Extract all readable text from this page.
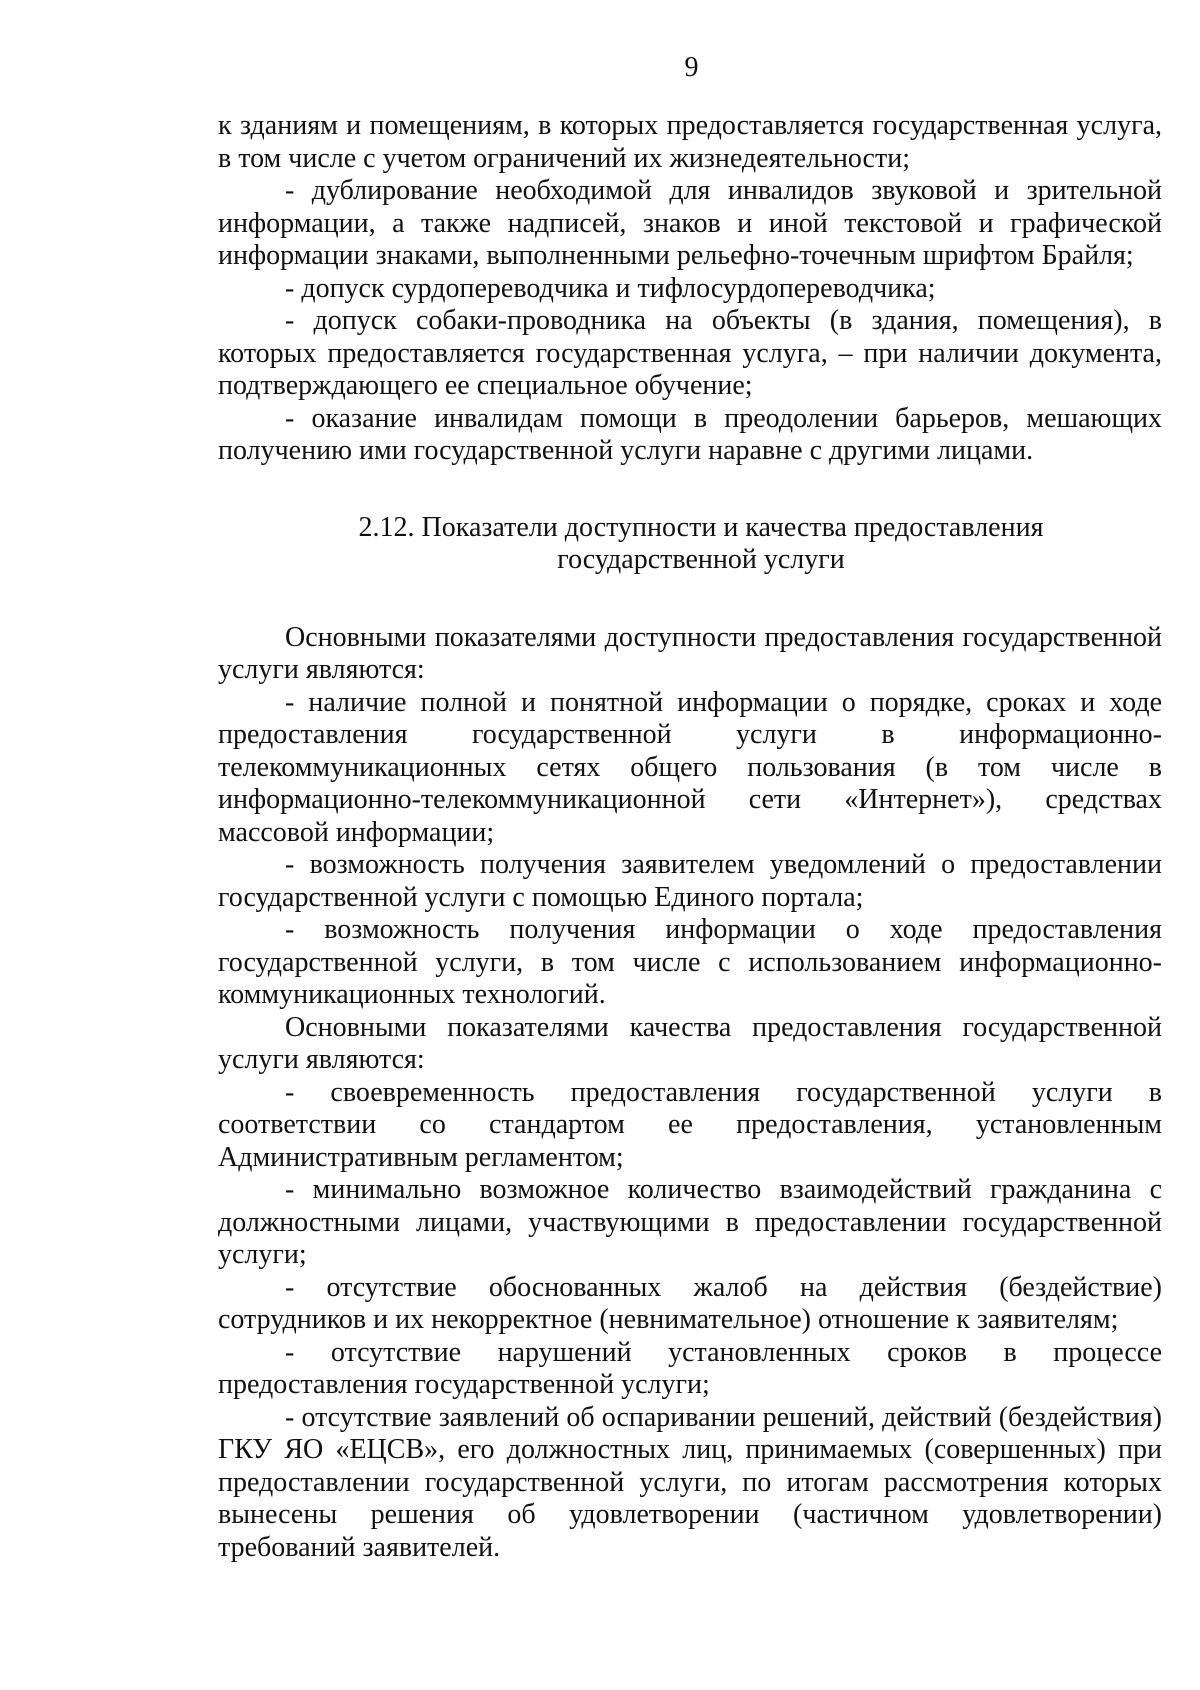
9

к зданиям и помещениям, в которых предоставляется государственная услуга, в том числе с учетом ограничений их жизнедеятельности;

- дублирование необходимой для инвалидов звуковой и зрительной информации, а также надписей, знаков и иной текстовой и графической информации знаками, выполненными рельефно-точечным шрифтом Брайля;

- допуск сурдопереводчика и тифлосурдопереводчика;

- допуск собаки-проводника на объекты (в здания, помещения), в которых предоставляется государственная услуга, – при наличии документа, подтверждающего ее специальное обучение;

- оказание инвалидам помощи в преодолении барьеров, мешающих получению ими государственной услуги наравне с другими лицами.

2.12. Показатели доступности и качества предоставления

государственной услуги

Основными показателями доступности предоставления государственной услуги являются:

- наличие полной и понятной информации о порядке, сроках и ходе предоставления государственной услуги в информационно-телекоммуникационных сетях общего пользования (в том числе в информационно-телекоммуникационной сети «Интернет»), средствах массовой информации;

- возможность получения заявителем уведомлений о предоставлении государственной услуги с помощью Единого портала;

- возможность получения информации о ходе предоставления государственной услуги, в том числе с использованием информационно-коммуникационных технологий.

Основными показателями качества предоставления государственной услуги являются:

- своевременность предоставления государственной услуги в соответствии со стандартом ее предоставления, установленным Административным регламентом;

- минимально возможное количество взаимодействий гражданина с должностными лицами, участвующими в предоставлении государственной услуги;

- отсутствие обоснованных жалоб на действия (бездействие) сотрудников и их некорректное (невнимательное) отношение к заявителям;

- отсутствие нарушений установленных сроков в процессе предоставления государственной услуги;

- отсутствие заявлений об оспаривании решений, действий (бездействия) ГКУ ЯО «ЕЦСВ», его должностных лиц, принимаемых (совершенных) при предоставлении государственной услуги, по итогам рассмотрения которых вынесены решения об удовлетворении (частичном удовлетворении) требований заявителей.
